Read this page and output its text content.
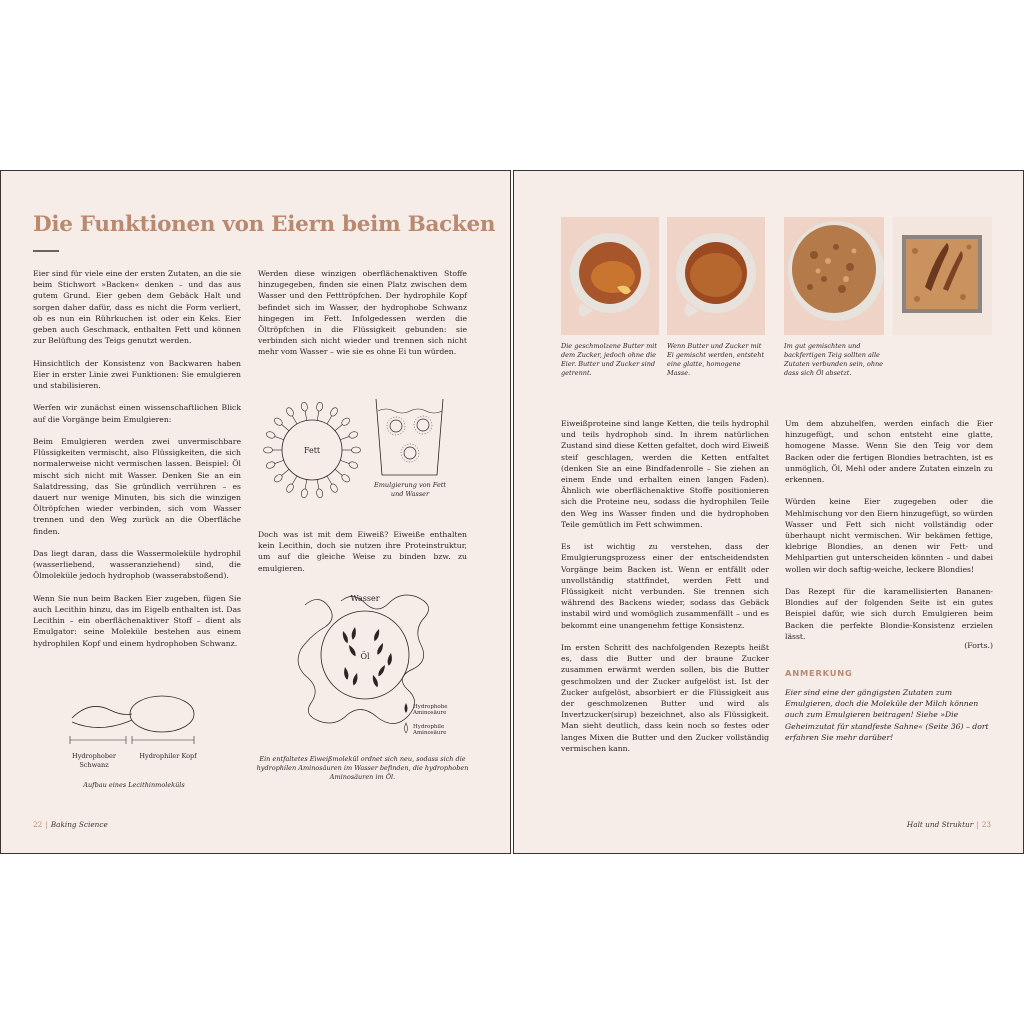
Die Funktionen von Eiern beim Backen

Eier sind für viele eine der ersten Zutaten, an die sie beim Stichwort »Backen« denken – und das aus gutem Grund. Eier geben dem Gebäck Halt und sorgen daher dafür, dass es nicht die Form verliert, ob es nun ein Rührkuchen ist oder ein Keks. Eier geben auch Geschmack, enthalten Fett und können zur Belüftung des Teigs genutzt werden.

Hinsichtlich der Konsistenz von Backwaren haben Eier in erster Linie zwei Funktionen: Sie emulgieren und stabilisieren.

Werfen wir zunächst einen wissenschaftlichen Blick auf die Vorgänge beim Emulgieren:

Beim Emulgieren werden zwei unvermischbare Flüssigkeiten vermischt, also Flüssigkeiten, die sich normalerweise nicht vermischen lassen. Beispiel: Öl mischt sich nicht mit Wasser. Denken Sie an ein Salatdressing, das Sie gründlich verrühren – es dauert nur wenige Minuten, bis sich die winzigen Öltröpfchen wieder verbinden, sich vom Wasser trennen und den Weg zurück an die Oberfläche finden.

Das liegt daran, dass die Wassermoleküle hydrophil (wasserliebend, wasseranziehend) sind, die Ölmoleküle jedoch hydrophob (wasserabstoßend).

Wenn Sie nun beim Backen Eier zugeben, fügen Sie auch Lecithin hinzu, das im Eigelb enthalten ist. Das Lecithin – ein oberflächenaktiver Stoff – dient als Emulgator: seine Moleküle bestehen aus einem hydrophilen Kopf und einem hydrophoben Schwanz.

Werden diese winzigen oberflächenaktiven Stoffe hinzugegeben, finden sie einen Platz zwischen dem Wasser und den Fetttröpfchen. Der hydrophile Kopf befindet sich im Wasser, der hydrophobe Schwanz hingegen im Fett. Infolgedessen werden die Öltröpfchen in die Flüssigkeit gebunden: sie verbinden sich nicht wieder und trennen sich nicht mehr vom Wasser – wie sie es ohne Ei tun würden.

Doch was ist mit dem Eiweiß? Eiweiße enthalten kein Lecithin, doch sie nutzen ihre Proteinstruktur, um auf die gleiche Weise zu binden bzw. zu emulgieren.

Fett
Emulgierung von Fett und Wasser
Wasser
Öl
Hydrophobe Aminosäure
Hydrophile Aminosäure
Ein entfaltetes Eiweißmolekül ordnet sich neu, sodass sich die hydrophilen Aminosäuren im Wasser befinden, die hydrophoben Aminosäuren im Öl.
Hydrophober Schwanz
Hydrophiler Kopf
Aufbau eines Lecithinmoleküls
22 | Baking Science
Die geschmolzene Butter mit dem Zucker, jedoch ohne die Eier. Butter und Zucker sind getrennt.
Wenn Butter und Zucker mit Ei gemischt werden, entsteht eine glatte, homogene Masse.
Im gut gemischten und backfertigen Teig sollten alle Zutaten verbunden sein, ohne dass sich Öl absetzt.

Eiweißproteine sind lange Ketten, die teils hydrophil und teils hydrophob sind. In ihrem natürlichen Zustand sind diese Ketten gefaltet, doch wird Eiweiß steif geschlagen, werden die Ketten entfaltet (denken Sie an eine Bindfadenrolle – Sie ziehen an einem Ende und erhalten einen langen Faden). Ähnlich wie oberflächenaktive Stoffe positionieren sich die Proteine neu, sodass die hydrophilen Teile den Weg ins Wasser finden und die hydrophoben Teile gemütlich im Fett schwimmen.

Es ist wichtig zu verstehen, dass der Emulgierungsprozess einer der entscheidendsten Vorgänge beim Backen ist. Wenn er entfällt oder unvollständig stattfindet, werden Fett und Flüssigkeit nicht verbunden. Sie trennen sich während des Backens wieder, sodass das Gebäck instabil wird und womöglich zusammenfällt – und es bekommt eine unangenehm fettige Konsistenz.

Im ersten Schritt des nachfolgenden Rezepts heißt es, dass die Butter und der braune Zucker zusammen erwärmt werden sollen, bis die Butter geschmolzen und der Zucker aufgelöst ist. Ist der Zucker aufgelöst, absorbiert er die Flüssigkeit aus der geschmolzenen Butter und wird als Invertzucker(sirup) bezeichnet, also als Flüssigkeit. Man sieht deutlich, dass kein noch so festes oder langes Mixen die Butter und den Zucker vollständig vermischen kann.

Um dem abzuhelfen, werden einfach die Eier hinzugefügt, und schon entsteht eine glatte, homogene Masse. Wenn Sie den Teig vor dem Backen oder die fertigen Blondies betrachten, ist es unmöglich, Öl, Mehl oder andere Zutaten einzeln zu erkennen.

Würden keine Eier zugegeben oder die Mehlmischung vor den Eiern hinzugefügt, so würden Wasser und Fett sich nicht vollständig oder überhaupt nicht vermischen. Wir bekämen fettige, klebrige Blondies, an denen wir Fett- und Mehlpartien gut unterscheiden könnten – und dabei wollen wir doch saftig-weiche, leckere Blondies!

Das Rezept für die karamellisierten Bananen-Blondies auf der folgenden Seite ist ein gutes Beispiel dafür, wie sich durch Emulgieren beim Backen die perfekte Blondie-Konsistenz erzielen lässt.

(Forts.)
ANMERKUNG
Eier sind eine der gängigsten Zutaten zum Emulgieren, doch die Moleküle der Milch können auch zum Emulgieren beitragen! Siehe »Die Geheimzutat für standfeste Sahne« (Seite 36) – dort erfahren Sie mehr darüber!
Halt und Struktur | 23
